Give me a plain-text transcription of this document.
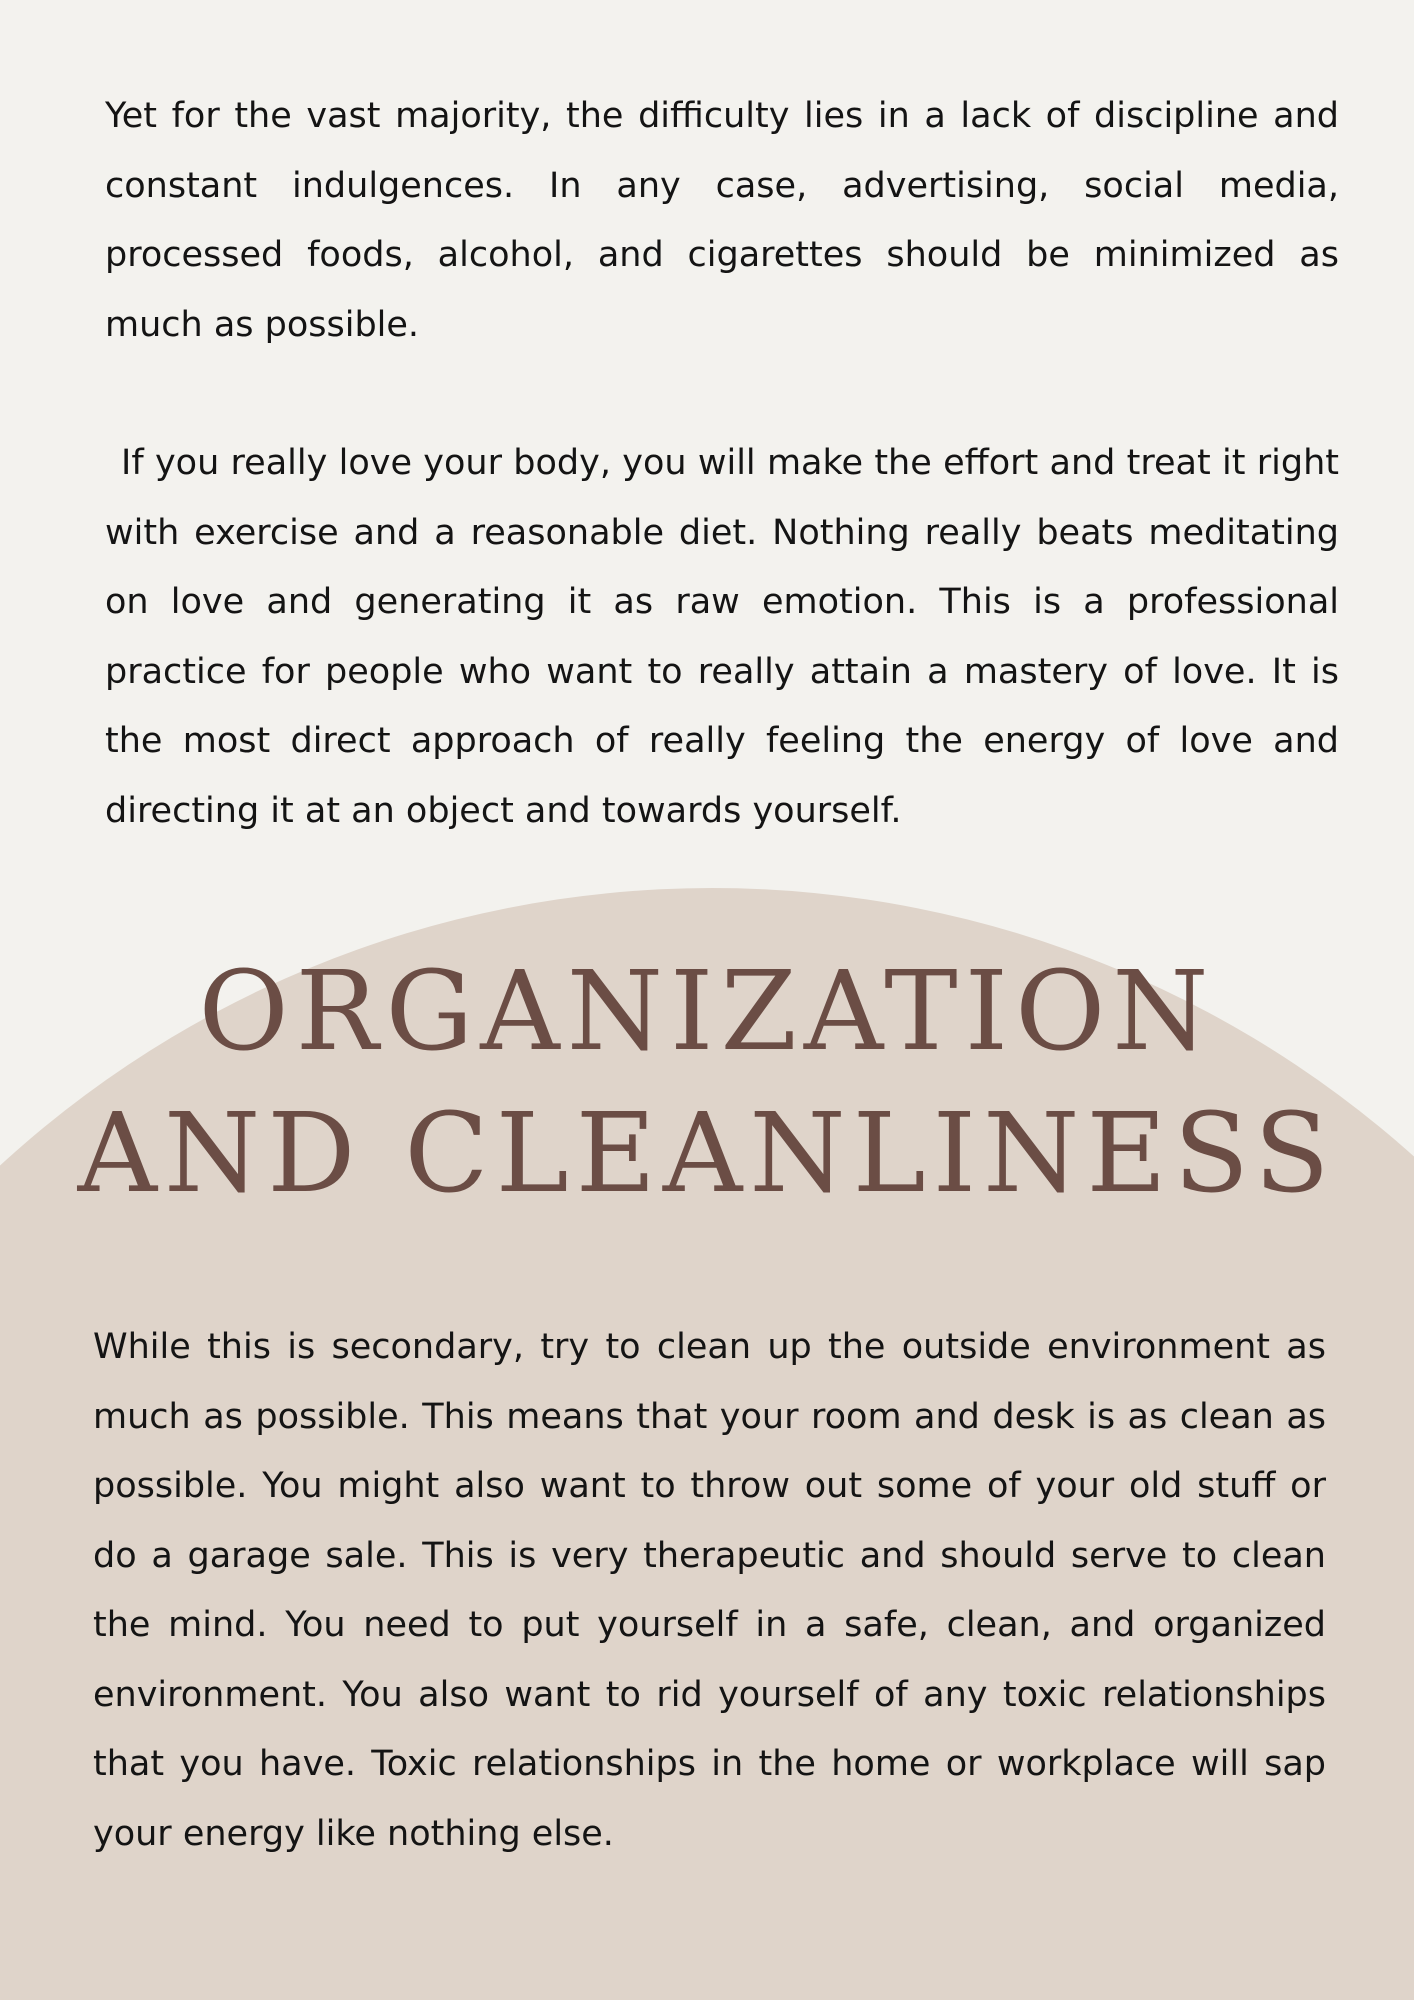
Yet for the vast majority, the difficulty lies in a lack of discipline and constant indulgences. In any case, advertising, social media, processed foods, alcohol, and cigarettes should be minimized as much as possible.

If you really love your body, you will make the effort and treat it right with exercise and a reasonable diet. Nothing really beats meditating on love and generating it as raw emotion. This is a professional practice for people who want to really attain a mastery of love. It is the most direct approach of really feeling the energy of love and directing it at an object and towards yourself.

ORGANIZATION
AND CLEANLINESS

While this is secondary, try to clean up the outside environment as much as possible. This means that your room and desk is as clean as possible. You might also want to throw out some of your old stuff or do a garage sale. This is very therapeutic and should serve to clean the mind. You need to put yourself in a safe, clean, and organized environment. You also want to rid yourself of any toxic relationships that you have. Toxic relationships in the home or workplace will sap your energy like nothing else.
